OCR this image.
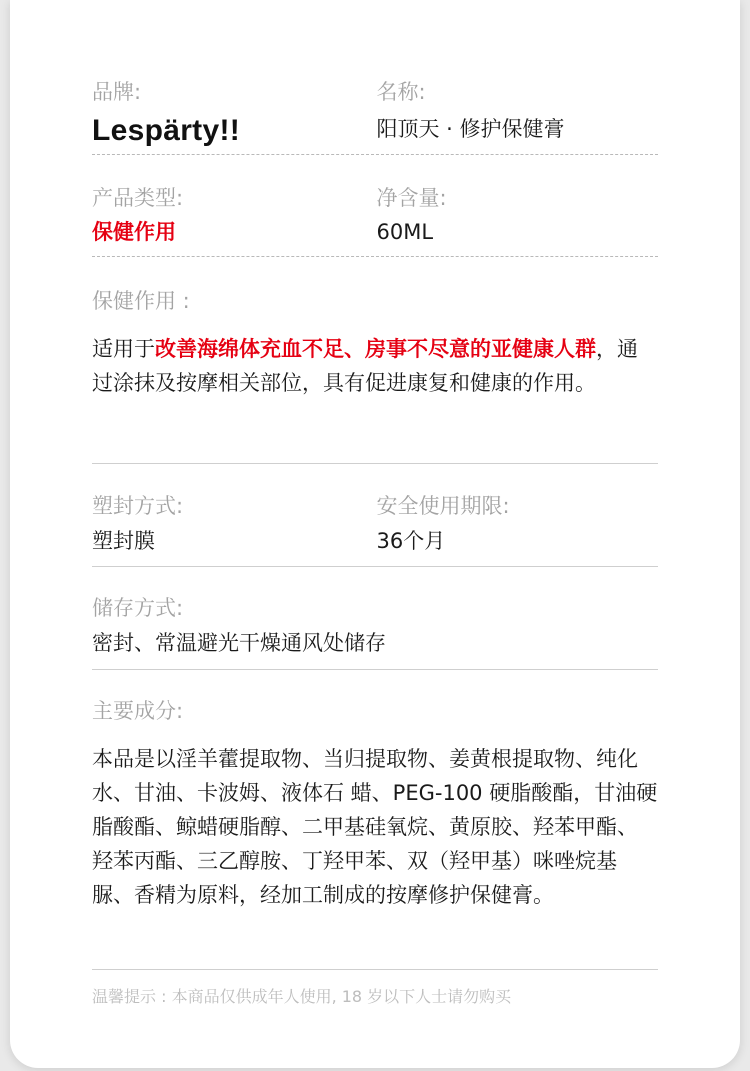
品牌:
Lespärty!!
名称:
阳顶天 · 修护保健膏
产品类型:
保健作用
净含量:
60ML
保健作用 :
适用于改善海绵体充血不足、房事不尽意的亚健康人群，通过涂抹及按摩相关部位，具有促进康复和健康的作用。
塑封方式:
塑封膜
安全使用期限:
36个月
储存方式:
密封、常温避光干燥通风处储存
主要成分:
本品是以淫羊藿提取物、当归提取物、姜黄根提取物、纯化水、甘油、卡波姆、液体石 蜡、PEG-100 硬脂酸酯，甘油硬脂酸酯、鲸蜡硬脂醇、二甲基硅氧烷、黄原胶、羟苯甲酯、羟苯丙酯、三乙醇胺、丁羟甲苯、双（羟甲基）咪唑烷基脲、香精为原料，经加工制成的按摩修护保健膏。
温馨提示 : 本商品仅供成年人使用, 18 岁以下人士请勿购买
